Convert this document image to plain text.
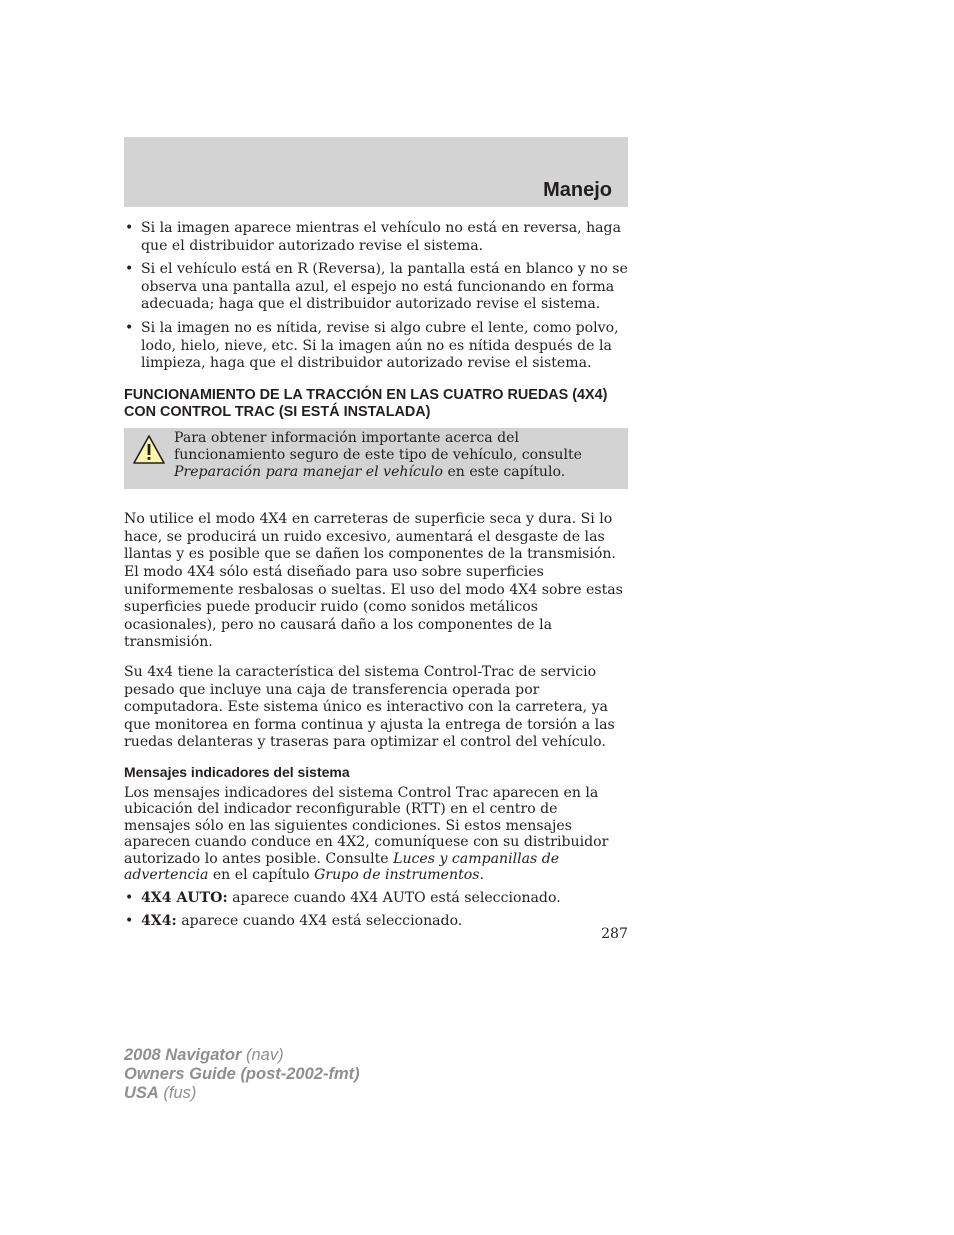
Manejo
• Si la imagen aparece mientras el vehículo no está en reversa, haga que el distribuidor autorizado revise el sistema.
• Si el vehículo está en R (Reversa), la pantalla está en blanco y no se observa una pantalla azul, el espejo no está funcionando en forma adecuada; haga que el distribuidor autorizado revise el sistema.
• Si la imagen no es nítida, revise si algo cubre el lente, como polvo, lodo, hielo, nieve, etc. Si la imagen aún no es nítida después de la limpieza, haga que el distribuidor autorizado revise el sistema.
FUNCIONAMIENTO DE LA TRACCIÓN EN LAS CUATRO RUEDAS (4X4) CON CONTROL TRAC (SI ESTÁ INSTALADA)
Para obtener información importante acerca del funcionamiento seguro de este tipo de vehículo, consulte Preparación para manejar el vehículo en este capítulo.

No utilice el modo 4X4 en carreteras de superficie seca y dura. Si lo hace, se producirá un ruido excesivo, aumentará el desgaste de las llantas y es posible que se dañen los componentes de la transmisión. El modo 4X4 sólo está diseñado para uso sobre superficies uniformemente resbalosas o sueltas. El uso del modo 4X4 sobre estas superficies puede producir ruido (como sonidos metálicos ocasionales), pero no causará daño a los componentes de la transmisión.

Su 4x4 tiene la característica del sistema Control-Trac de servicio pesado que incluye una caja de transferencia operada por computadora. Este sistema único es interactivo con la carretera, ya que monitorea en forma continua y ajusta la entrega de torsión a las ruedas delanteras y traseras para optimizar el control del vehículo.

Mensajes indicadores del sistema

Los mensajes indicadores del sistema Control Trac aparecen en la ubicación del indicador reconfigurable (RTT) en el centro de mensajes sólo en las siguientes condiciones. Si estos mensajes aparecen cuando conduce en 4X2, comuníquese con su distribuidor autorizado lo antes posible. Consulte Luces y campanillas de advertencia en el capítulo Grupo de instrumentos.

• 4X4 AUTO: aparece cuando 4X4 AUTO está seleccionado.
• 4X4: aparece cuando 4X4 está seleccionado.
287
2008 Navigator (nav)
Owners Guide (post-2002-fmt)
USA (fus)
